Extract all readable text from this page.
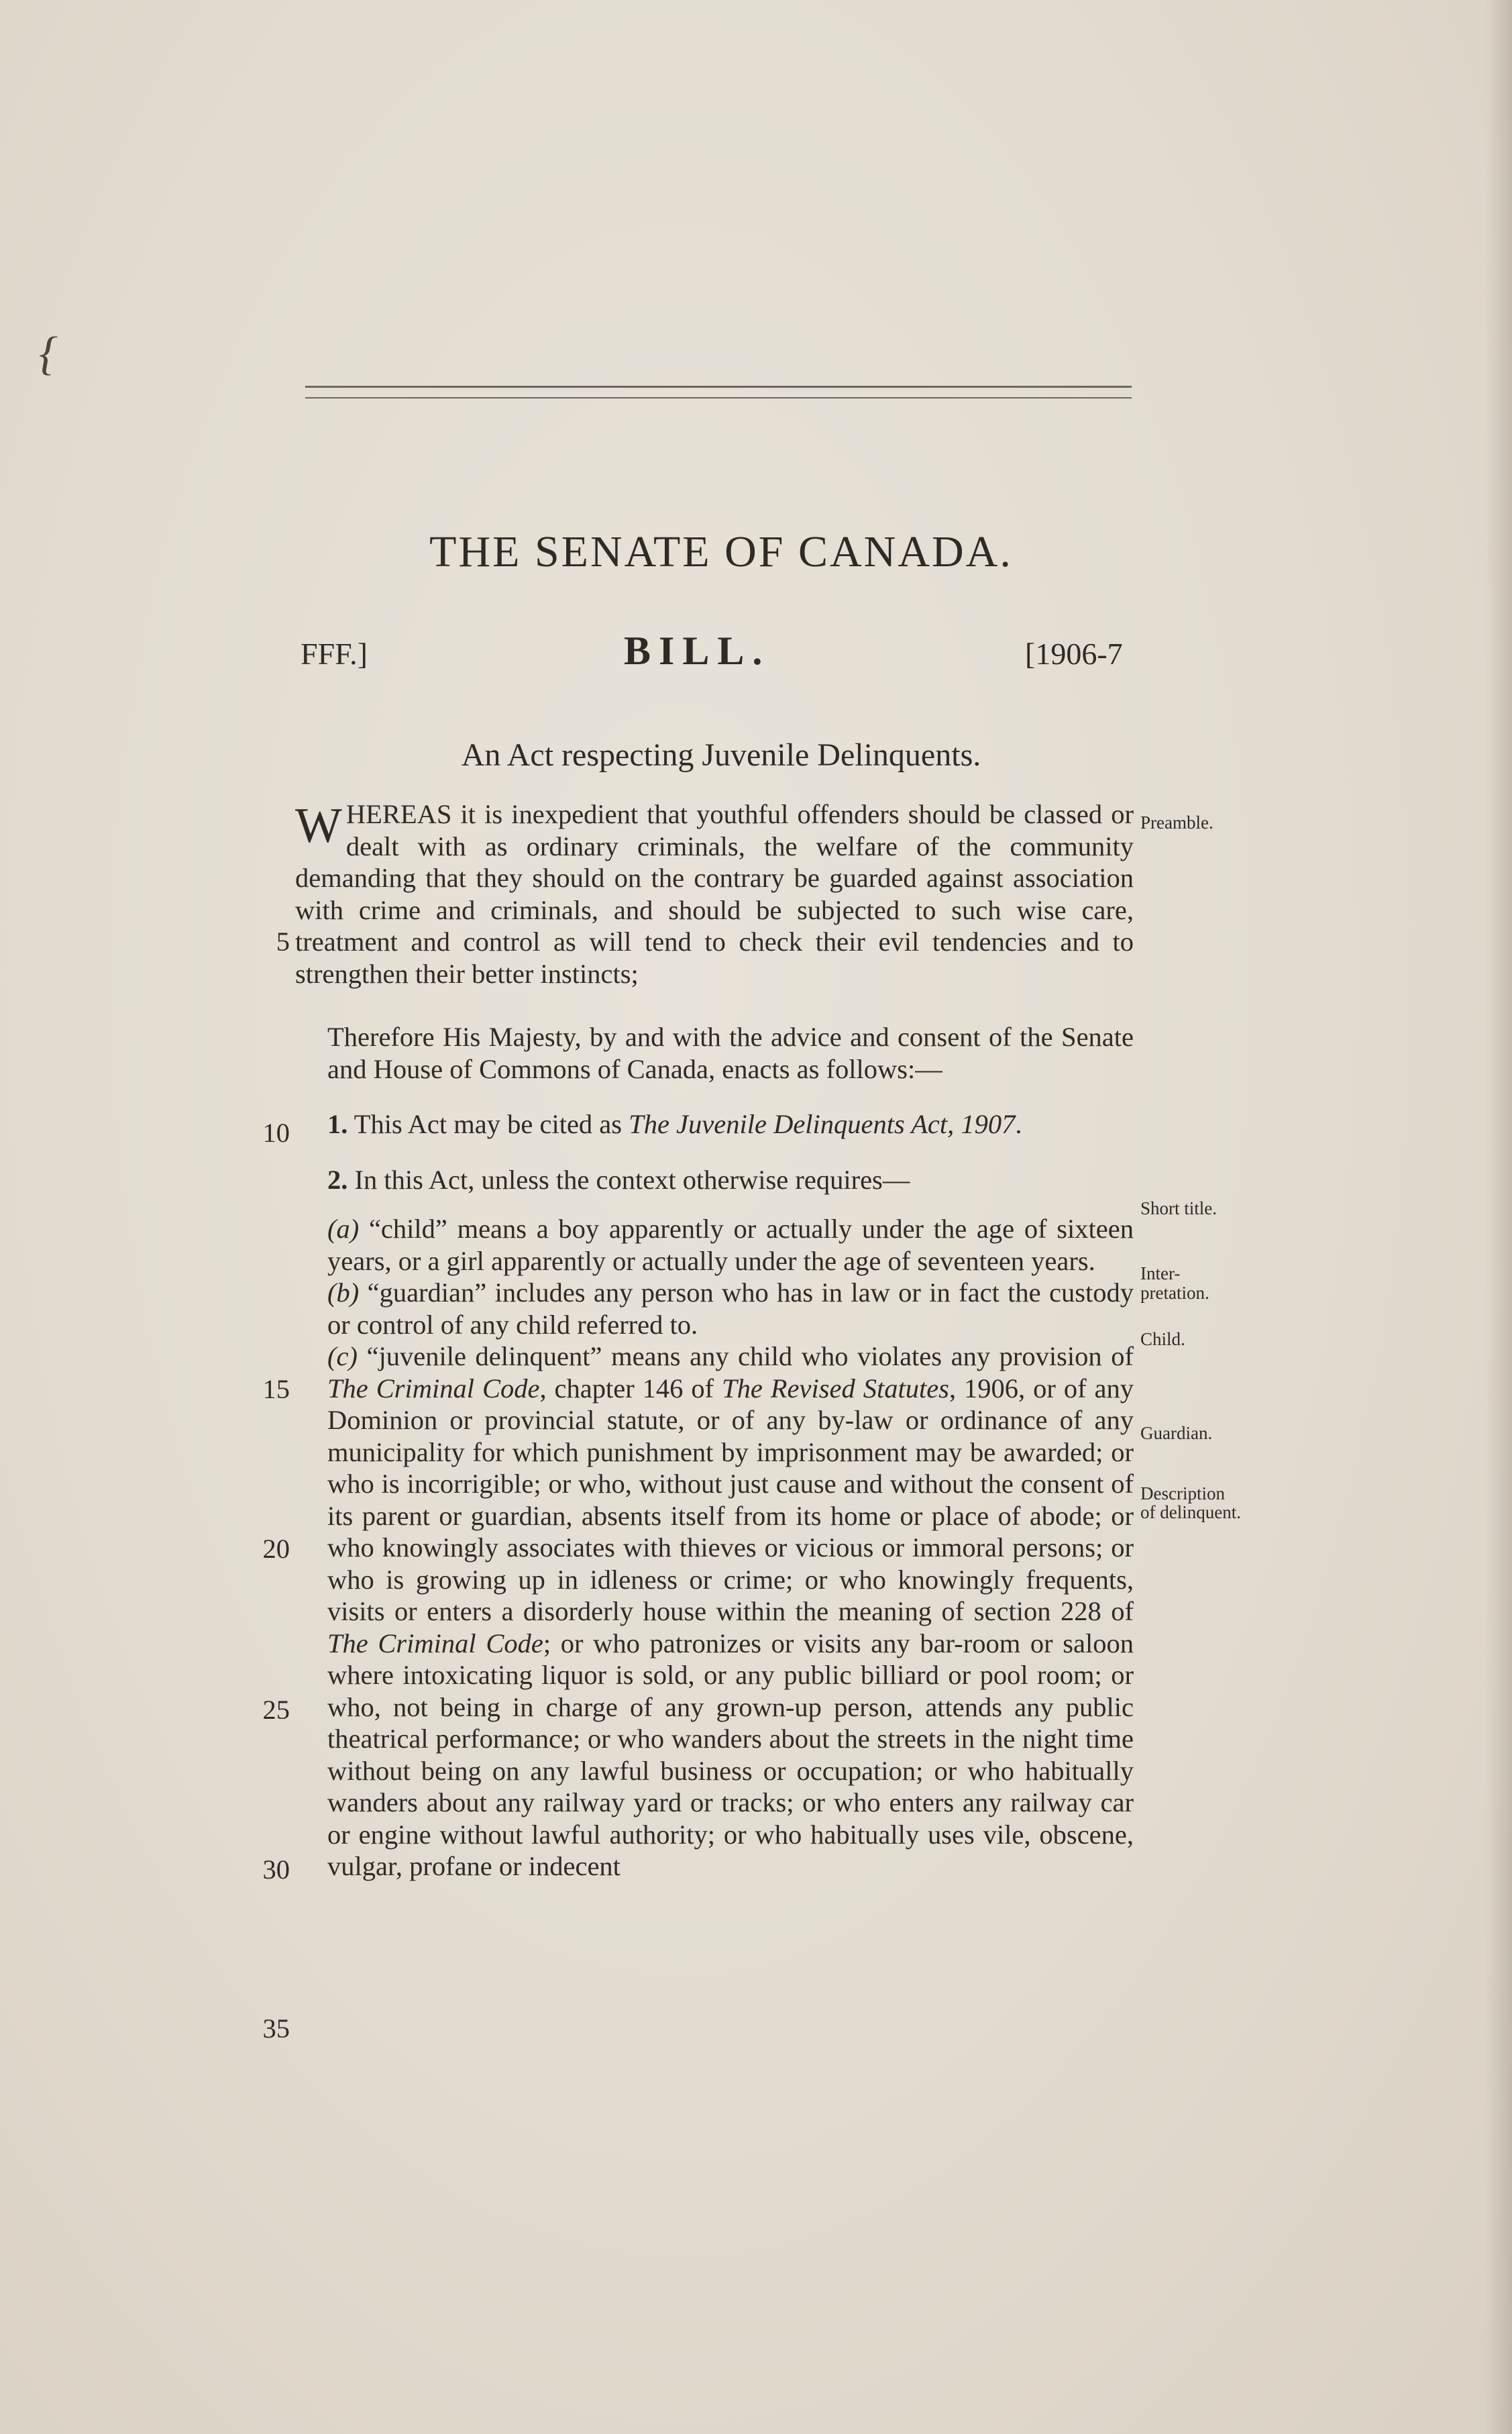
{
THE SENATE OF CANADA.
FFF.]	BILL.	[1906-7
An Act respecting Juvenile Delinquents.
5
10
15
20
25
30
35

WHEREAS it is inexpedient that youthful offenders should be classed or dealt with as ordinary criminals, the welfare of the community demanding that they should on the contrary be guarded against association with crime and criminals, and should be subjected to such wise care, treatment and control as will tend to check their evil tendencies and to strengthen their better instincts;

Therefore His Majesty, by and with the advice and consent of the Senate and House of Commons of Canada, enacts as follows:—

1. This Act may be cited as The Juvenile Delinquents Act, 1907.

2. In this Act, unless the context otherwise requires—

(a) “child” means a boy apparently or actually under the age of sixteen years, or a girl apparently or actually under the age of seventeen years.

(b) “guardian” includes any person who has in law or in fact the custody or control of any child referred to.

(c) “juvenile delinquent” means any child who violates any provision of The Criminal Code, chapter 146 of The Revised Statutes, 1906, or of any Dominion or provincial statute, or of any by-law or ordinance of any municipality for which punishment by imprisonment may be awarded; or who is incorrigible; or who, without just cause and without the consent of its parent or guardian, absents itself from its home or place of abode; or who knowingly associates with thieves or vicious or immoral persons; or who is growing up in idleness or crime; or who knowingly frequents, visits or enters a disorderly house within the meaning of section 228 of The Criminal Code; or who patronizes or visits any bar-room or saloon where intoxicating liquor is sold, or any public billiard or pool room; or who, not being in charge of any grown-up person, attends any public theatrical performance; or who wanders about the streets in the night time without being on any lawful business or occupation; or who habitually wanders about any railway yard or tracks; or who enters any railway car or engine without lawful authority; or who habitually uses vile, obscene, vulgar, profane or indecent

Preamble.
Short title.
Inter-
pretation.
Child.
Guardian.
Description
of delinquent.
